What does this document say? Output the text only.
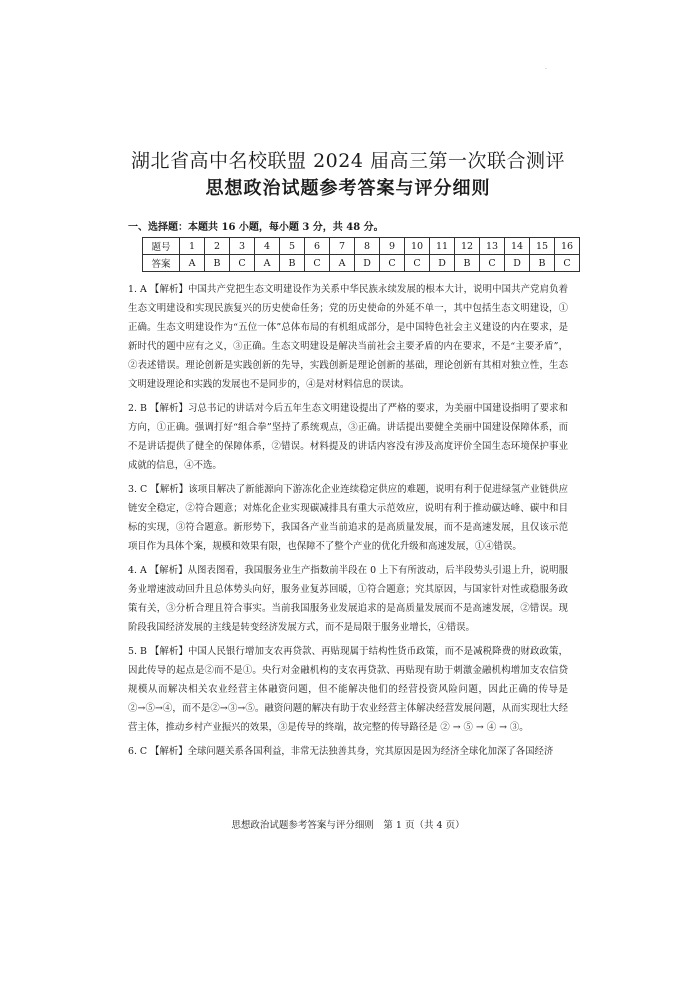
.
湖北省高中名校联盟 2024 届高三第一次联合测评
思想政治试题参考答案与评分细则
一、选择题：本题共 16 小题，每小题 3 分，共 48 分。
题号	1	2	3	4	5	6	7	8	9	10	11	12	13	14	15	16
答案	A	B	C	A	B	C	A	D	C	C	D	B	C	D	B	C

1. A 【解析】中国共产党把生态文明建设作为关系中华民族永续发展的根本大计，说明中国共产党肩负着生态文明建设和实现民族复兴的历史使命任务；党的历史使命的外延不单一，其中包括生态文明建设，①正确。生态文明建设作为“五位一体”总体布局的有机组成部分，是中国特色社会主义建设的内在要求，是新时代的题中应有之义，③正确。生态文明建设是解决当前社会主要矛盾的内在要求，不是“主要矛盾”，②表述错误。理论创新是实践创新的先导，实践创新是理论创新的基础，理论创新有其相对独立性，生态文明建设理论和实践的发展也不是同步的，④是对材料信息的误读。

2. B 【解析】习总书记的讲话对今后五年生态文明建设提出了严格的要求，为美丽中国建设指明了要求和方向，①正确。强调打好“组合拳”坚持了系统观点，③正确。讲话提出要健全美丽中国建设保障体系，而不是讲话提供了健全的保障体系，②错误。材料提及的讲话内容没有涉及高度评价全国生态环境保护事业成就的信息，④不选。

3. C 【解析】该项目解决了新能源向下游冻化企业连续稳定供应的难题，说明有利于促进绿氢产业链供应链安全稳定，②符合题意；对炼化企业实现碳减排具有重大示范效应，说明有利于推动碳达峰、碳中和目标的实现，③符合题意。新形势下，我国各产业当前追求的是高质量发展，而不是高速发展，且仅该示范项目作为具体个案，规模和效果有限，也保障不了整个产业的优化升级和高速发展，①④错误。

4. A 【解析】从图表图看，我国服务业生产指数前半段在 0 上下有所波动，后半段势头引退上升，说明服务业增速波动回升且总体势头向好，服务业复苏回暖，①符合题意；究其原因，与国家针对性或稳服务政策有关，③分析合理且符合事实。当前我国服务业发展追求的是高质量发展而不是高速发展，②错误。现阶段我国经济发展的主线是转变经济发展方式，而不是局限于服务业增长，④错误。

5. B 【解析】中国人民银行增加支农再贷款、再贴现属于结构性货币政策，而不是减税降费的财政政策，因此传导的起点是②而不是①。央行对金融机构的支农再贷款、再贴现有助于刺激金融机构增加支农信贷规模从而解决相关农业经营主体融资问题，但不能解决他们的经营投资风险问题，因此正确的传导是②→⑤→④，而不是②→③→⑤。融资问题的解决有助于农业经营主体解决经营发展问题，从而实现壮大经营主体，推动乡村产业振兴的效果，③是传导的终端，故完整的传导路径是 ② → ⑤ → ④ → ③。

6. C 【解析】全球问题关系各国利益，非常无法独善其身，究其原因是因为经济全球化加深了各国经济

思想政治试题参考答案与评分细则　第 1 页（共 4 页）
